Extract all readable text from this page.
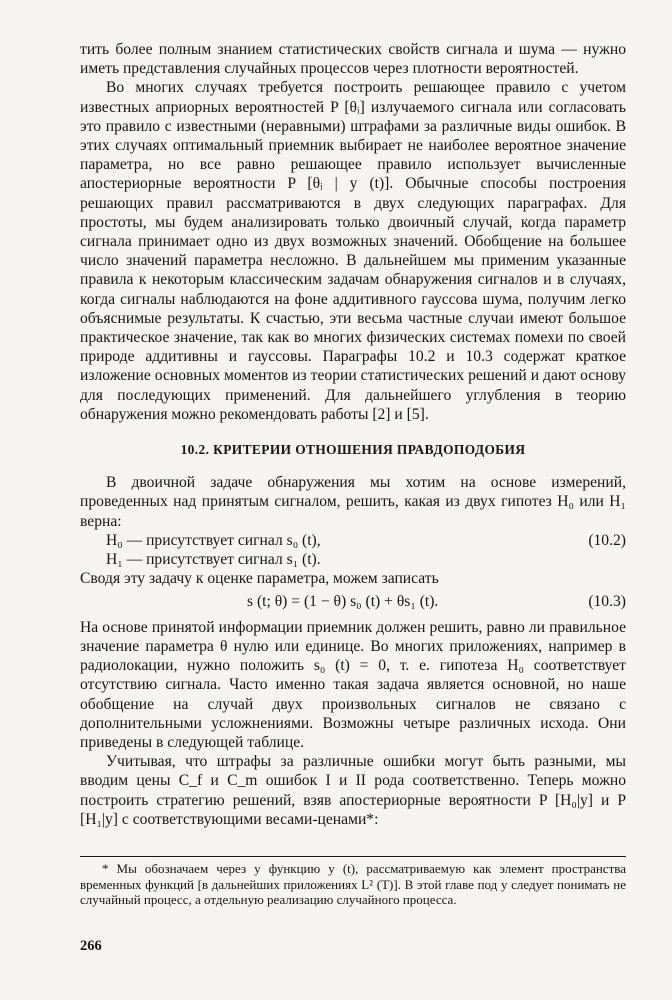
тить более полным знанием статистических свойств сигнала и шума — нужно иметь представления случайных процессов через плотности вероятностей.

Во многих случаях требуется построить решающее правило с учетом известных априорных вероятностей P [θᵢ] излучаемого сигнала или согласовать это правило с известными (неравными) штрафами за различные виды ошибок. В этих случаях оптимальный приемник выбирает не наиболее вероятное значение параметра, но все равно решающее правило использует вычисленные апостериорные вероятности P [θᵢ | y (t)]. Обычные способы построения решающих правил рассматриваются в двух следующих параграфах. Для простоты, мы будем анализировать только двоичный случай, когда параметр сигнала принимает одно из двух возможных значений. Обобщение на большее число значений параметра несложно. В дальнейшем мы применим указанные правила к некоторым классическим задачам обнаружения сигналов и в случаях, когда сигналы наблюдаются на фоне аддитивного гауссова шума, получим легко объяснимые результаты. К счастью, эти весьма частные случаи имеют большое практическое значение, так как во многих физических системах помехи по своей природе аддитивны и гауссовы. Параграфы 10.2 и 10.3 содержат краткое изложение основных моментов из теории статистических решений и дают основу для последующих применений. Для дальнейшего углубления в теорию обнаружения можно рекомендовать работы [2] и [5].

10.2. КРИТЕРИИ ОТНОШЕНИЯ ПРАВДОПОДОБИЯ

В двоичной задаче обнаружения мы хотим на основе измерений, проведенных над принятым сигналом, решить, какая из двух гипотез H₀ или H₁ верна:

H₀ — присутствует сигнал s₀ (t),	(10.2)
H₁ — присутствует сигнал s₁ (t).

Сводя эту задачу к оценке параметра, можем записать

s (t; θ) = (1 − θ) s₀ (t) + θs₁ (t).	(10.3)

На основе принятой информации приемник должен решить, равно ли правильное значение параметра θ нулю или единице. Во многих приложениях, например в радиолокации, нужно положить s₀ (t) = 0, т. е. гипотеза H₀ соответствует отсутствию сигнала. Часто именно такая задача является основной, но наше обобщение на случай двух произвольных сигналов не связано с дополнительными усложнениями. Возможны четыре различных исхода. Они приведены в следующей таблице.

Учитывая, что штрафы за различные ошибки могут быть разными, мы вводим цены C_f и C_m ошибок I и II рода соответственно. Теперь можно построить стратегию решений, взяв апостериорные вероятности P [H₀|y] и P [H₁|y] с соответствующими весами-ценами*:

* Мы обозначаем через y функцию y (t), рассматриваемую как элемент пространства временных функций [в дальнейших приложениях L² (T)]. В этой главе под y следует понимать не случайный процесс, а отдельную реализацию случайного процесса.

266
